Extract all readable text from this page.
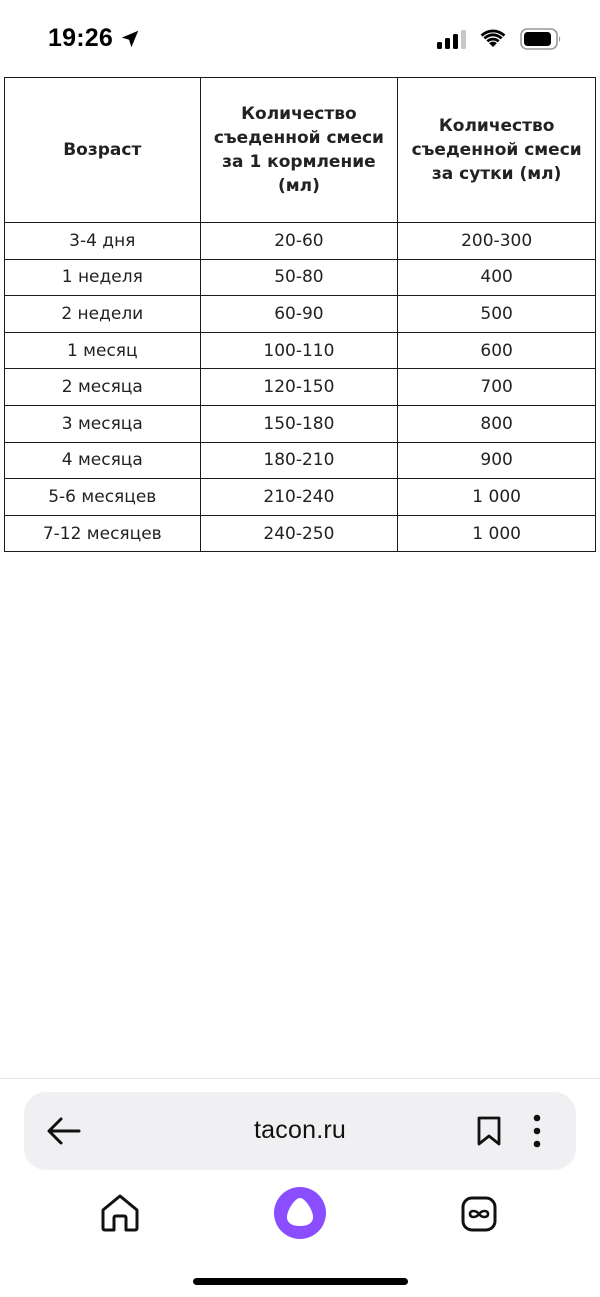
19:26
Возраст	Количество съеденной смеси за 1 кормление (мл)	Количество съеденной смеси за сутки (мл)
3-4 дня	20-60	200-300
1 неделя	50-80	400
2 недели	60-90	500
1 месяц	100-110	600
2 месяца	120-150	700
3 месяца	150-180	800
4 месяца	180-210	900
5-6 месяцев	210-240	1 000
7-12 месяцев	240-250	1 000
tacon.ru
